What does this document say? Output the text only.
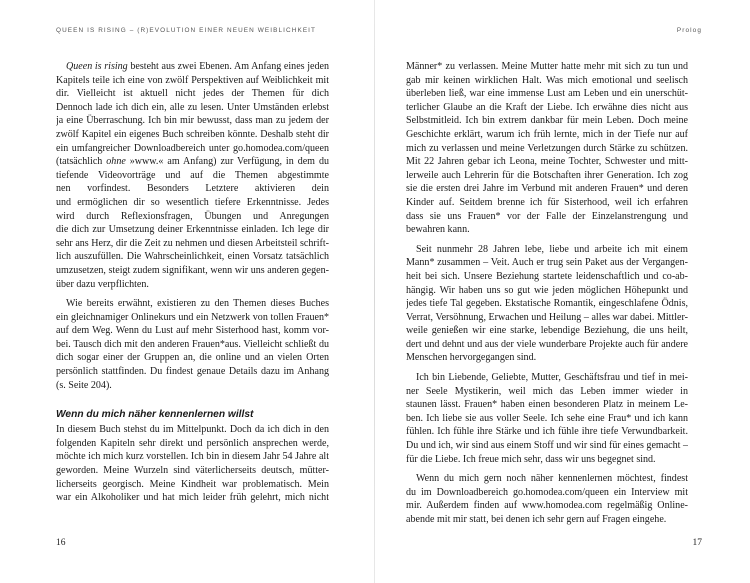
QUEEN IS RISING – (R)EVOLUTION EINER NEUEN WEIBLICHKEIT
Queen is rising besteht aus zwei Ebenen. Am Anfang eines jeden
Kapitels teile ich eine von zwölf Perspektiven auf Weiblichkeit mit
dir. Vielleicht ist aktuell nicht jedes der Themen für dich
Dennoch lade ich dich ein, alle zu lesen. Unter Umständen erlebst
ja eine Überraschung. Ich bin mir bewusst, dass man zu jedem der
zwölf Kapitel ein eigenes Buch schreiben könnte. Deshalb steht dir
ein umfangreicher Downloadbereich unter go.homodea.com/queen
(tatsächlich ohne »www.« am Anfang) zur Verfügung, in dem du
tiefende Videovorträge und auf die Themen abgestimmte
nen vorfindest. Besonders Letztere aktivieren dein
und ermöglichen dir so wesentlich tiefere Erkenntnisse. Jedes
wird durch Reflexionsfragen, Übungen und Anregungen
die dich zur Umsetzung deiner Erkenntnisse einladen. Ich lege dir
sehr ans Herz, dir die Zeit zu nehmen und diesen Arbeitsteil schrift-
lich auszufüllen. Die Wahrscheinlichkeit, einen Vorsatz tatsächlich
umzusetzen, steigt zudem signifikant, wenn wir uns anderen gegen-
über dazu verpflichten.
Wie bereits erwähnt, existieren zu den Themen dieses Buches
ein gleichnamiger Onlinekurs und ein Netzwerk von tollen Frauen*
auf dem Weg. Wenn du Lust auf mehr Sisterhood hast, komm vor-
bei. Tausch dich mit den anderen Frauen*aus. Vielleicht schließt du
dich sogar einer der Gruppen an, die online und an vielen Orten
persönlich stattfinden. Du findest genaue Details dazu im Anhang
(s. Seite 204).
Wenn du mich näher kennenlernen willst
In diesem Buch stehst du im Mittelpunkt. Doch da ich dich in den
folgenden Kapiteln sehr direkt und persönlich ansprechen werde,
möchte ich mich kurz vorstellen. Ich bin in diesem Jahr 54 Jahre alt
geworden. Meine Wurzeln sind väterlicherseits deutsch, mütter-
licherseits georgisch. Meine Kindheit war problematisch. Mein
war ein Alkoholiker und hat mich leider früh gelehrt, mich nicht
16
Prolog
Männer* zu verlassen. Meine Mutter hatte mehr mit sich zu tun und
gab mir keinen wirklichen Halt. Was mich emotional und seelisch
überleben ließ, war eine immense Lust am Leben und ein unerschüt-
terlicher Glaube an die Kraft der Liebe. Ich erwähne dies nicht aus
Selbstmitleid. Ich bin extrem dankbar für mein Leben. Doch meine
Geschichte erklärt, warum ich früh lernte, mich in der Tiefe nur auf
mich zu verlassen und meine Verletzungen durch Stärke zu schützen.
Mit 22 Jahren gebar ich Leona, meine Tochter, Schwester und mitt-
lerweile auch Lehrerin für die Botschaften ihrer Generation. Ich zog
sie die ersten drei Jahre im Verbund mit anderen Frauen* und deren
Kinder auf. Seitdem brenne ich für Sisterhood, weil ich erfahren
dass sie uns Frauen* vor der Falle der Einzelanstrengung und
bewahren kann.
Seit nunmehr 28 Jahren lebe, liebe und arbeite ich mit einem
Mann* zusammen – Veit. Auch er trug sein Paket aus der Vergangen-
heit bei sich. Unsere Beziehung startete leidenschaftlich und co-ab-
hängig. Wir haben uns so gut wie jeden möglichen Höhepunkt und
jedes tiefe Tal gegeben. Ekstatische Romantik, eingeschlafene Ödnis,
Verrat, Versöhnung, Erwachen und Heilung – alles war dabei. Mittler-
weile genießen wir eine starke, lebendige Beziehung, die uns heilt,
dert und dehnt und aus der viele wunderbare Projekte auch für andere
Menschen hervorgegangen sind.
Ich bin Liebende, Geliebte, Mutter, Geschäftsfrau und tief in mei-
ner Seele Mystikerin, weil mich das Leben immer wieder in
staunen lässt. Frauen* haben einen besonderen Platz in meinem Le-
ben. Ich liebe sie aus voller Seele. Ich sehe eine Frau* und ich kann
fühlen. Ich fühle ihre Stärke und ich fühle ihre tiefe Verwundbarkeit.
Du und ich, wir sind aus einem Stoff und wir sind für eines gemacht –
für die Liebe. Ich freue mich sehr, dass wir uns begegnet sind.
Wenn du mich gern noch näher kennenlernen möchtest, findest
du im Downloadbereich go.homodea.com/queen ein Interview mit
mir. Außerdem finden auf www.homodea.com regelmäßig Online-
abende mit mir statt, bei denen ich sehr gern auf Fragen eingehe.
17
